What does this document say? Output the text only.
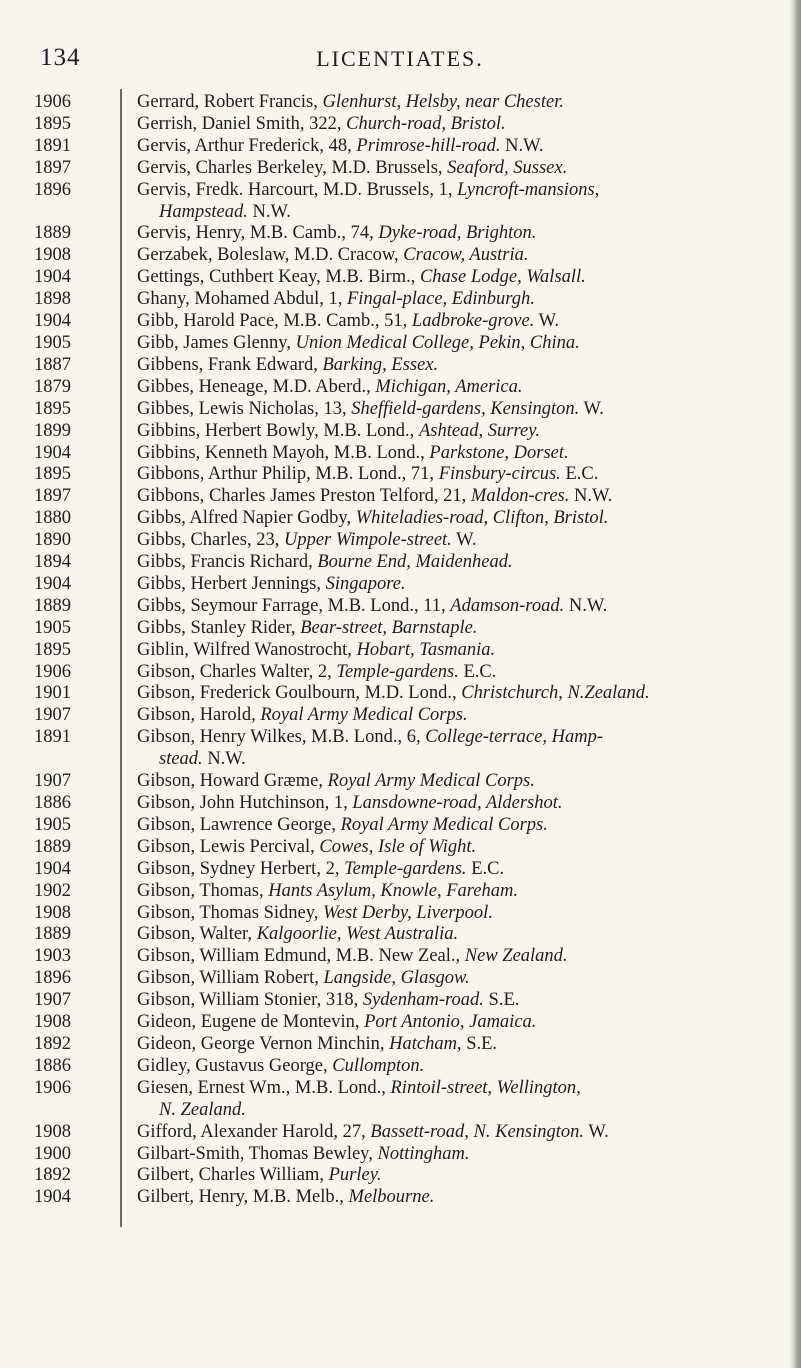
134	LICENTIATES.
1906	Gerrard, Robert Francis, Glenhurst, Helsby, near Chester.
1895	Gerrish, Daniel Smith, 322, Church-road, Bristol.
1891	Gervis, Arthur Frederick, 48, Primrose-hill-road. N.W.
1897	Gervis, Charles Berkeley, M.D. Brussels, Seaford, Sussex.
1896	Gervis, Fredk. Harcourt, M.D. Brussels, 1, Lyncroft-mansions,
Hampstead. N.W.
1889	Gervis, Henry, M.B. Camb., 74, Dyke-road, Brighton.
1908	Gerzabek, Boleslaw, M.D. Cracow, Cracow, Austria.
1904	Gettings, Cuthbert Keay, M.B. Birm., Chase Lodge, Walsall.
1898	Ghany, Mohamed Abdul, 1, Fingal-place, Edinburgh.
1904	Gibb, Harold Pace, M.B. Camb., 51, Ladbroke-grove. W.
1905	Gibb, James Glenny, Union Medical College, Pekin, China.
1887	Gibbens, Frank Edward, Barking, Essex.
1879	Gibbes, Heneage, M.D. Aberd., Michigan, America.
1895	Gibbes, Lewis Nicholas, 13, Sheffield-gardens, Kensington. W.
1899	Gibbins, Herbert Bowly, M.B. Lond., Ashtead, Surrey.
1904	Gibbins, Kenneth Mayoh, M.B. Lond., Parkstone, Dorset.
1895	Gibbons, Arthur Philip, M.B. Lond., 71, Finsbury-circus. E.C.
1897	Gibbons, Charles James Preston Telford, 21, Maldon-cres. N.W.
1880	Gibbs, Alfred Napier Godby, Whiteladies-road, Clifton, Bristol.
1890	Gibbs, Charles, 23, Upper Wimpole-street. W.
1894	Gibbs, Francis Richard, Bourne End, Maidenhead.
1904	Gibbs, Herbert Jennings, Singapore.
1889	Gibbs, Seymour Farrage, M.B. Lond., 11, Adamson-road. N.W.
1905	Gibbs, Stanley Rider, Bear-street, Barnstaple.
1895	Giblin, Wilfred Wanostrocht, Hobart, Tasmania.
1906	Gibson, Charles Walter, 2, Temple-gardens. E.C.
1901	Gibson, Frederick Goulbourn, M.D. Lond., Christchurch, N.Zealand.
1907	Gibson, Harold, Royal Army Medical Corps.
1891	Gibson, Henry Wilkes, M.B. Lond., 6, College-terrace, Hamp-
stead. N.W.
1907	Gibson, Howard Græme, Royal Army Medical Corps.
1886	Gibson, John Hutchinson, 1, Lansdowne-road, Aldershot.
1905	Gibson, Lawrence George, Royal Army Medical Corps.
1889	Gibson, Lewis Percival, Cowes, Isle of Wight.
1904	Gibson, Sydney Herbert, 2, Temple-gardens. E.C.
1902	Gibson, Thomas, Hants Asylum, Knowle, Fareham.
1908	Gibson, Thomas Sidney, West Derby, Liverpool.
1889	Gibson, Walter, Kalgoorlie, West Australia.
1903	Gibson, William Edmund, M.B. New Zeal., New Zealand.
1896	Gibson, William Robert, Langside, Glasgow.
1907	Gibson, William Stonier, 318, Sydenham-road. S.E.
1908	Gideon, Eugene de Montevin, Port Antonio, Jamaica.
1892	Gideon, George Vernon Minchin, Hatcham, S.E.
1886	Gidley, Gustavus George, Cullompton.
1906	Giesen, Ernest Wm., M.B. Lond., Rintoil-street, Wellington,
N. Zealand.
1908	Gifford, Alexander Harold, 27, Bassett-road, N. Kensington. W.
1900	Gilbart-Smith, Thomas Bewley, Nottingham.
1892	Gilbert, Charles William, Purley.
1904	Gilbert, Henry, M.B. Melb., Melbourne.
